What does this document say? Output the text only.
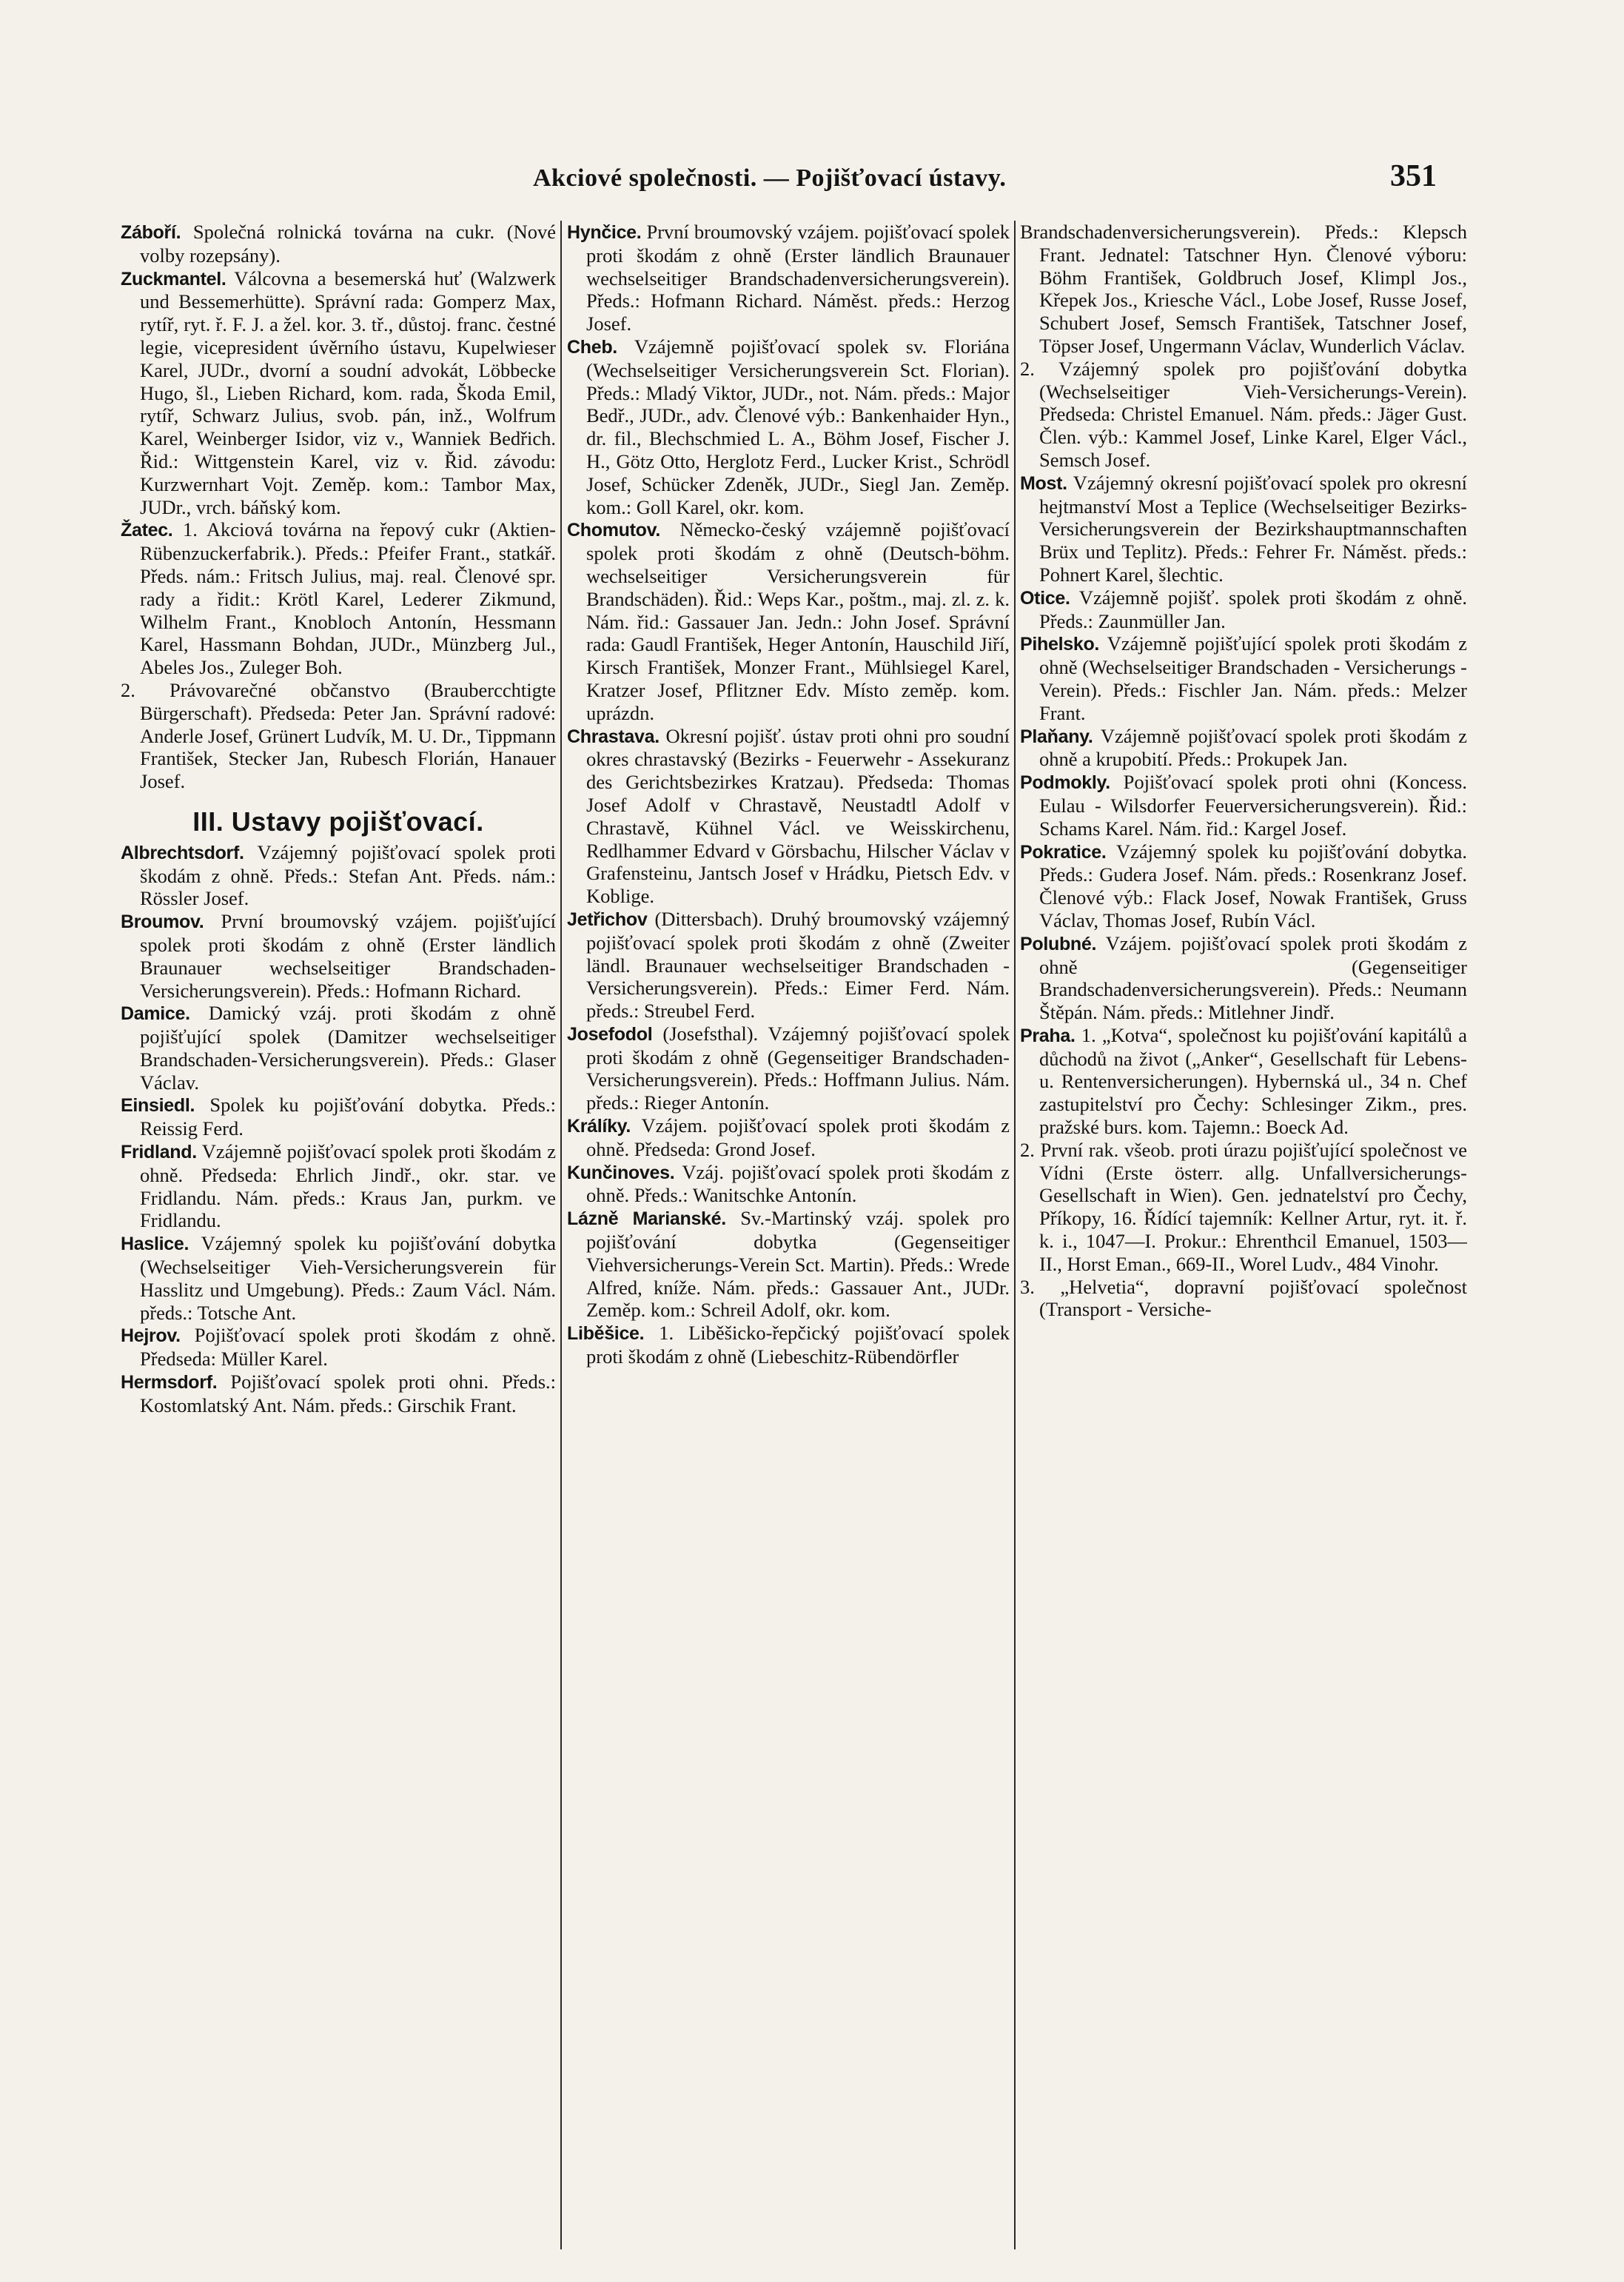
Akciové společnosti. — Pojišťovací ústavy.	351

Záboří. Společná rolnická továrna na cukr. (Nové volby rozepsány).

Zuckmantel. Válcovna a besemerská huť (Walzwerk und Bessemerhütte). Správní rada: Gomperz Max, rytíř, ryt. ř. F. J. a žel. kor. 3. tř., důstoj. franc. čestné legie, vicepresident úvěrního ústavu, Kupelwieser Karel, JUDr., dvorní a soudní advokát, Löbbecke Hugo, šl., Lieben Richard, kom. rada, Škoda Emil, rytíř, Schwarz Julius, svob. pán, inž., Wolfrum Karel, Weinberger Isidor, viz v., Wanniek Bedřich. Řid.: Wittgenstein Karel, viz v. Řid. závodu: Kurzwernhart Vojt. Zeměp. kom.: Tambor Max, JUDr., vrch. báňský kom.

Žatec. 1. Akciová továrna na řepový cukr (Aktien-Rübenzuckerfabrik.). Předs.: Pfeifer Frant., statkář. Předs. nám.: Fritsch Julius, maj. real. Členové spr. rady a řidit.: Krötl Karel, Lederer Zikmund, Wilhelm Frant., Knobloch Antonín, Hessmann Karel, Hassmann Bohdan, JUDr., Münzberg Jul., Abeles Jos., Zuleger Boh.

2. Právovarečné občanstvo (Braubercchtigte Bürgerschaft). Předseda: Peter Jan. Správní radové: Anderle Josef, Grünert Ludvík, M. U. Dr., Tippmann František, Stecker Jan, Rubesch Florián, Hanauer Josef.

III. Ustavy pojišťovací.

Albrechtsdorf. Vzájemný pojišťovací spolek proti škodám z ohně. Předs.: Stefan Ant. Předs. nám.: Rössler Josef.

Broumov. První broumovský vzájem. pojišťující spolek proti škodám z ohně (Erster ländlich Braunauer wechselseitiger Brandschaden-Versicherungsverein). Předs.: Hofmann Richard.

Damice. Damický vzáj. proti škodám z ohně pojišťující spolek (Damitzer wechselseitiger Brandschaden-Versicherungsverein). Předs.: Glaser Václav.

Einsiedl. Spolek ku pojišťování dobytka. Předs.: Reissig Ferd.

Fridland. Vzájemně pojišťovací spolek proti škodám z ohně. Předseda: Ehrlich Jindř., okr. star. ve Fridlandu. Nám. předs.: Kraus Jan, purkm. ve Fridlandu.

Haslice. Vzájemný spolek ku pojišťování dobytka (Wechselseitiger Vieh-Versicherungsverein für Hasslitz und Umgebung). Předs.: Zaum Václ. Nám. předs.: Totsche Ant.

Hejrov. Pojišťovací spolek proti škodám z ohně. Předseda: Müller Karel.

Hermsdorf. Pojišťovací spolek proti ohni. Předs.: Kostomlatský Ant. Nám. předs.: Girschik Frant.

Hynčice. První broumovský vzájem. pojišťovací spolek proti škodám z ohně (Erster ländlich Braunauer wechselseitiger Brandschadenversicherungsverein). Předs.: Hofmann Richard. Náměst. předs.: Herzog Josef.

Cheb. Vzájemně pojišťovací spolek sv. Floriána (Wechselseitiger Versicherungsverein Sct. Florian). Předs.: Mladý Viktor, JUDr., not. Nám. předs.: Major Bedř., JUDr., adv. Členové výb.: Bankenhaider Hyn., dr. fil., Blechschmied L. A., Böhm Josef, Fischer J. H., Götz Otto, Herglotz Ferd., Lucker Krist., Schrödl Josef, Schücker Zdeněk, JUDr., Siegl Jan. Zeměp. kom.: Goll Karel, okr. kom.

Chomutov. Německo-český vzájemně pojišťovací spolek proti škodám z ohně (Deutsch-böhm. wechselseitiger Versicherungsverein für Brandschäden). Řid.: Weps Kar., poštm., maj. zl. z. k. Nám. řid.: Gassauer Jan. Jedn.: John Josef. Správní rada: Gaudl František, Heger Antonín, Hauschild Jiří, Kirsch František, Monzer Frant., Mühlsiegel Karel, Kratzer Josef, Pflitzner Edv. Místo zeměp. kom. uprázdn.

Chrastava. Okresní pojišť. ústav proti ohni pro soudní okres chrastavský (Bezirks - Feuerwehr - Assekuranz des Gerichtsbezirkes Kratzau). Předseda: Thomas Josef Adolf v Chrastavě, Neustadtl Adolf v Chrastavě, Kühnel Václ. ve Weisskirchenu, Redlhammer Edvard v Görsbachu, Hilscher Václav v Grafensteinu, Jantsch Josef v Hrádku, Pietsch Edv. v Koblige.

Jetřichov (Dittersbach). Druhý broumovský vzájemný pojišťovací spolek proti škodám z ohně (Zweiter ländl. Braunauer wechselseitiger Brandschaden - Versicherungsverein). Předs.: Eimer Ferd. Nám. předs.: Streubel Ferd.

Josefodol (Josefsthal). Vzájemný pojišťovací spolek proti škodám z ohně (Gegenseitiger Brandschaden-Versicherungsverein). Předs.: Hoffmann Julius. Nám. předs.: Rieger Antonín.

Králíky. Vzájem. pojišťovací spolek proti škodám z ohně. Předseda: Grond Josef.

Kunčinoves. Vzáj. pojišťovací spolek proti škodám z ohně. Předs.: Wanitschke Antonín.

Lázně Marianské. Sv.-Martinský vzáj. spolek pro pojišťování dobytka (Gegenseitiger Viehversicherungs-Verein Sct. Martin). Předs.: Wrede Alfred, kníže. Nám. předs.: Gassauer Ant., JUDr. Zeměp. kom.: Schreil Adolf, okr. kom.

Liběšice. 1. Liběšicko-řepčický pojišťovací spolek proti škodám z ohně (Liebeschitz-Rübendörfler

Brandschadenversicherungsverein). Předs.: Klepsch Frant. Jednatel: Tatschner Hyn. Členové výboru: Böhm František, Goldbruch Josef, Klimpl Jos., Křepek Jos., Kriesche Václ., Lobe Josef, Russe Josef, Schubert Josef, Semsch František, Tatschner Josef, Töpser Josef, Ungermann Václav, Wunderlich Václav.

2. Vzájemný spolek pro pojišťování dobytka (Wechselseitiger Vieh-Versicherungs-Verein). Předseda: Christel Emanuel. Nám. předs.: Jäger Gust. Člen. výb.: Kammel Josef, Linke Karel, Elger Václ., Semsch Josef.

Most. Vzájemný okresní pojišťovací spolek pro okresní hejtmanství Most a Teplice (Wechselseitiger Bezirks-Versicherungsverein der Bezirkshauptmannschaften Brüx und Teplitz). Předs.: Fehrer Fr. Náměst. předs.: Pohnert Karel, šlechtic.

Otice. Vzájemně pojišť. spolek proti škodám z ohně. Předs.: Zaunmüller Jan.

Pihelsko. Vzájemně pojišťující spolek proti škodám z ohně (Wechselseitiger Brandschaden - Versicherungs - Verein). Předs.: Fischler Jan. Nám. předs.: Melzer Frant.

Plaňany. Vzájemně pojišťovací spolek proti škodám z ohně a krupobití. Předs.: Prokupek Jan.

Podmokly. Pojišťovací spolek proti ohni (Koncess. Eulau - Wilsdorfer Feuerversicherungsverein). Řid.: Schams Karel. Nám. řid.: Kargel Josef.

Pokratice. Vzájemný spolek ku pojišťování dobytka. Předs.: Gudera Josef. Nám. předs.: Rosenkranz Josef. Členové výb.: Flack Josef, Nowak František, Gruss Václav, Thomas Josef, Rubín Václ.

Polubné. Vzájem. pojišťovací spolek proti škodám z ohně (Gegenseitiger Brandschadenversicherungsverein). Předs.: Neumann Štěpán. Nám. předs.: Mitlehner Jindř.

Praha. 1. „Kotva“, společnost ku pojišťování kapitálů a důchodů na život („Anker“, Gesellschaft für Lebens- u. Rentenversicherungen). Hybernská ul., 34 n. Chef zastupitelství pro Čechy: Schlesinger Zikm., pres. pražské burs. kom. Tajemn.: Boeck Ad.

2. První rak. všeob. proti úrazu pojišťující společnost ve Vídni (Erste österr. allg. Unfallversicherungs-Gesellschaft in Wien). Gen. jednatelství pro Čechy, Příkopy, 16. Řídící tajemník: Kellner Artur, ryt. it. ř. k. i., 1047—I. Prokur.: Ehrenthcil Emanuel, 1503—II., Horst Eman., 669-II., Worel Ludv., 484 Vinohr.

3. „Helvetia“, dopravní pojišťovací společnost (Transport - Versiche-
